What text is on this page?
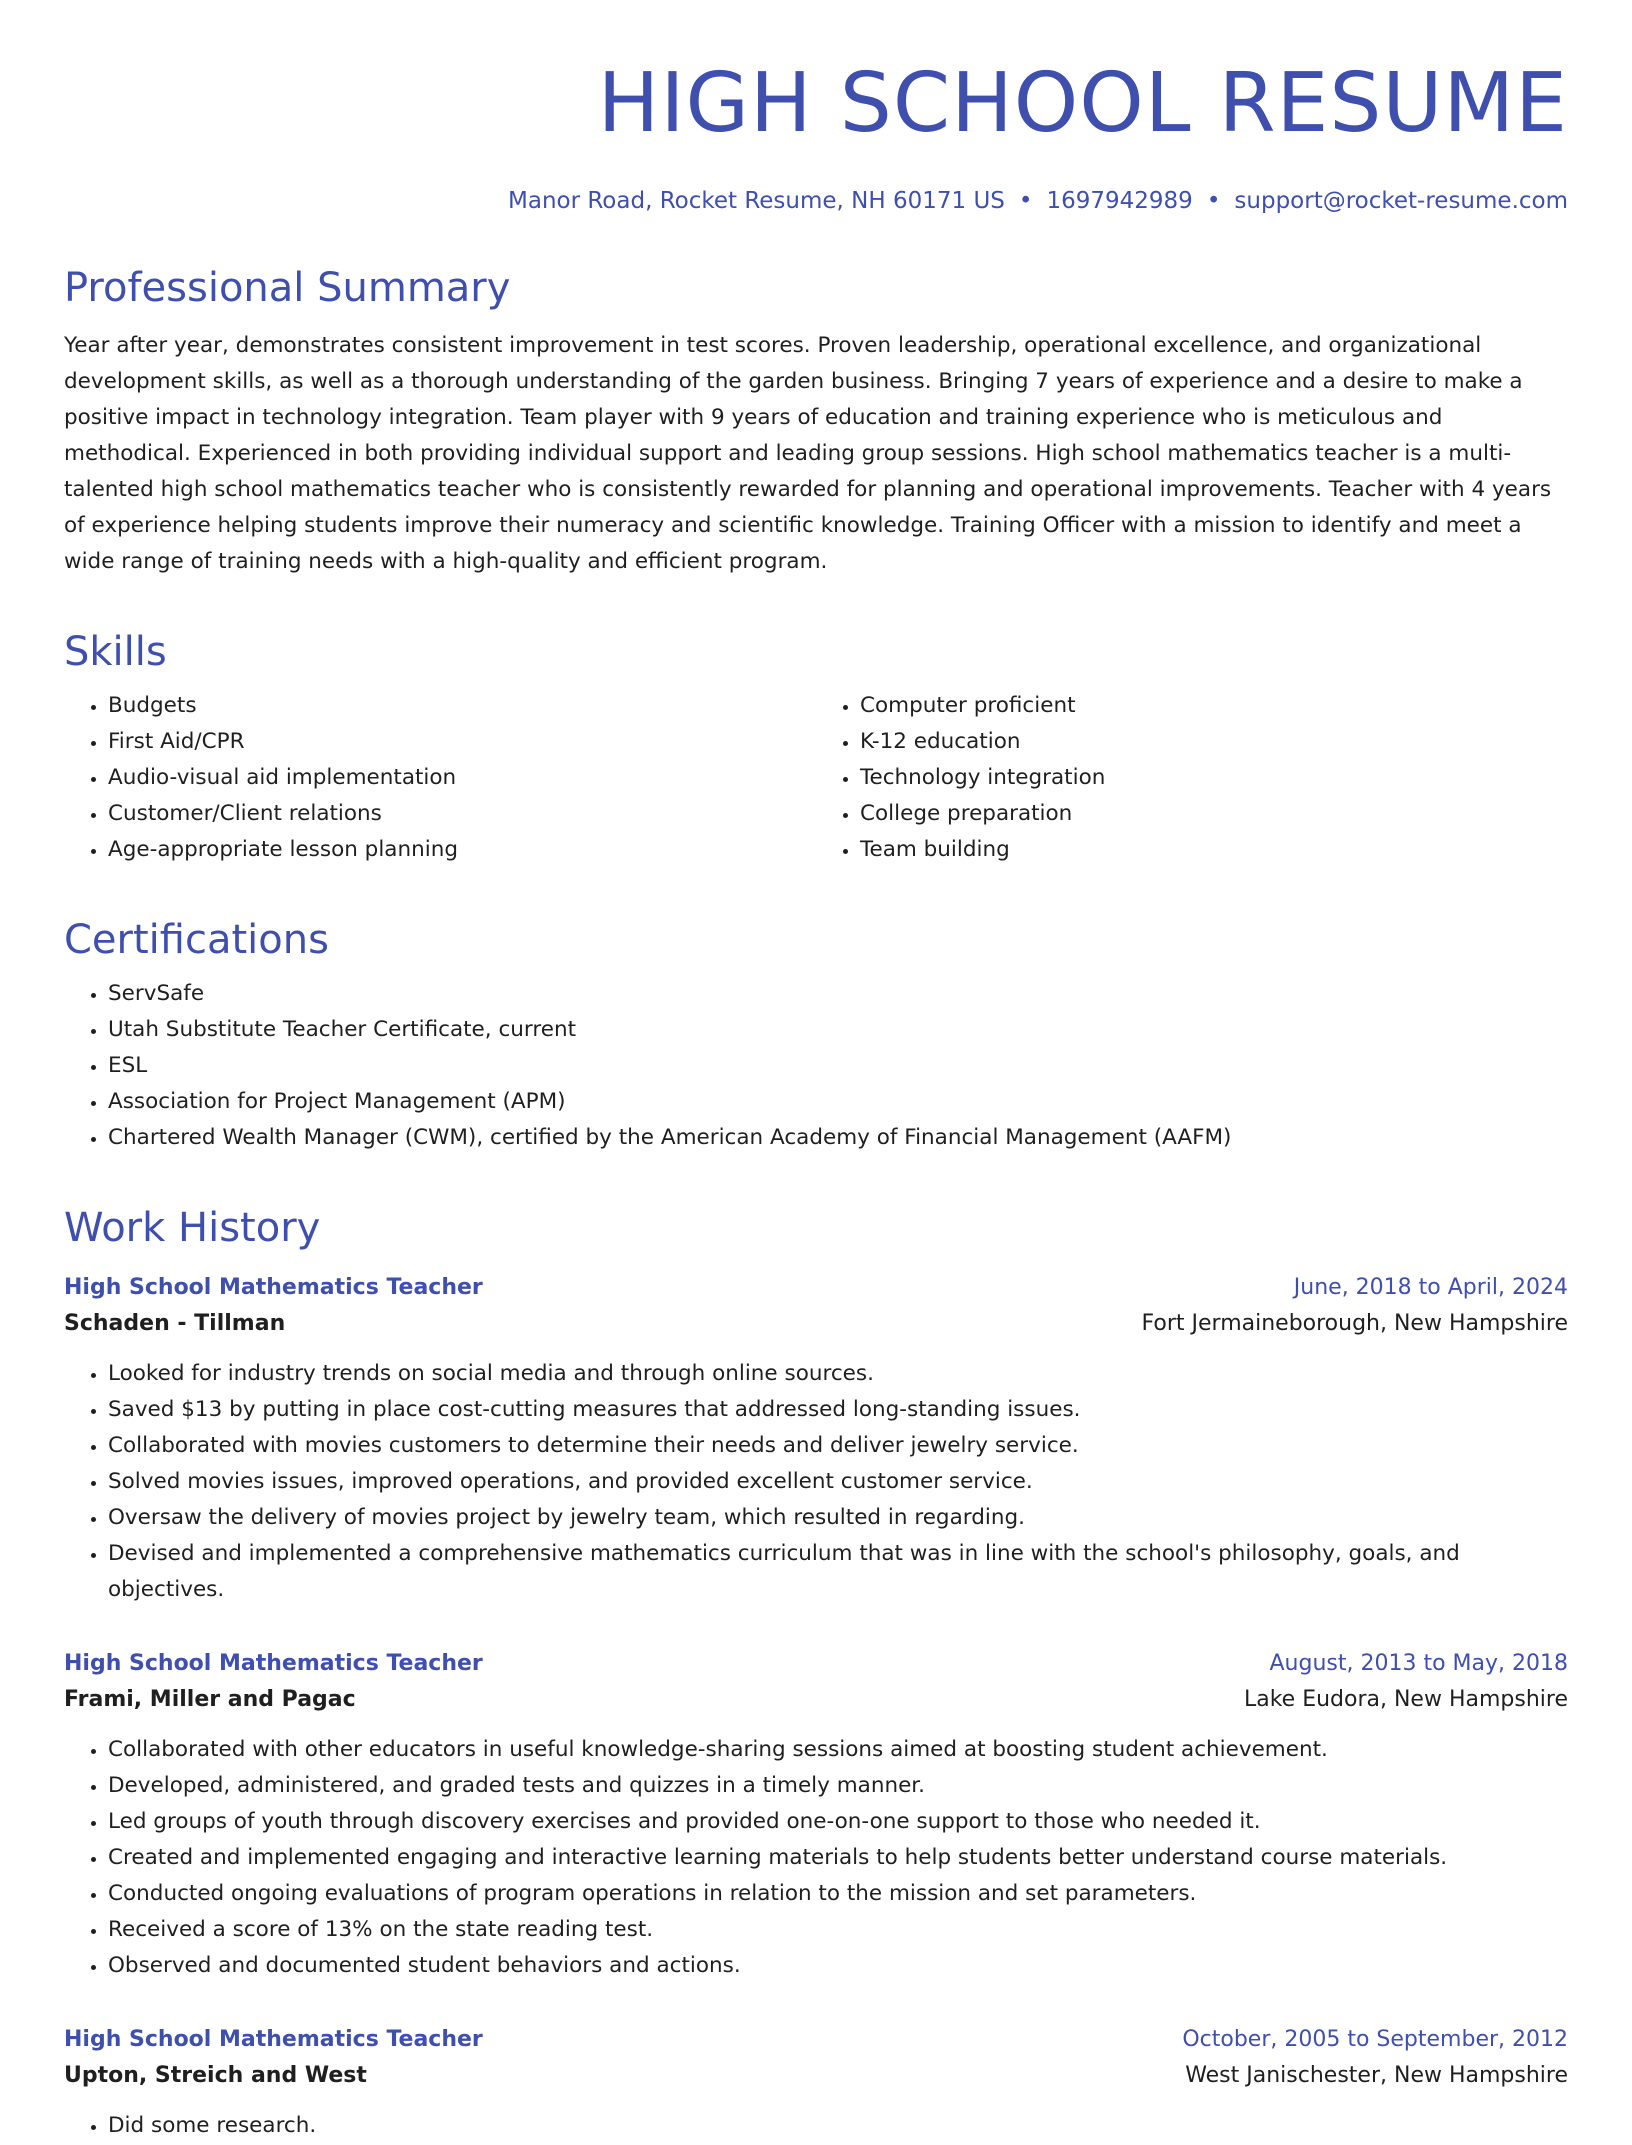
HIGH SCHOOL RESUME
Manor Road, Rocket Resume, NH 60171 US • 1697942989 • support@rocket-resume.com
Professional Summary

Year after year, demonstrates consistent improvement in test scores. Proven leadership, operational excellence, and organizational development skills, as well as a thorough understanding of the garden business. Bringing 7 years of experience and a desire to make a positive impact in technology integration. Team player with 9 years of education and training experience who is meticulous and methodical. Experienced in both providing individual support and leading group sessions. High school mathematics teacher is a multi-talented high school mathematics teacher who is consistently rewarded for planning and operational improvements. Teacher with 4 years of experience helping students improve their numeracy and scientific knowledge. Training Officer with a mission to identify and meet a wide range of training needs with a high-quality and efficient program.

Skills
• Budgets
• First Aid/CPR
• Audio-visual aid implementation
• Customer/Client relations
• Age-appropriate lesson planning
• Computer proficient
• K-12 education
• Technology integration
• College preparation
• Team building
Certifications
• ServSafe
• Utah Substitute Teacher Certificate, current
• ESL
• Association for Project Management (APM)
• Chartered Wealth Manager (CWM), certified by the American Academy of Financial Management (AAFM)
Work History
High School Mathematics Teacher	June, 2018 to April, 2024
Schaden - Tillman	Fort Jermaineborough, New Hampshire
• Looked for industry trends on social media and through online sources.
• Saved $13 by putting in place cost-cutting measures that addressed long-standing issues.
• Collaborated with movies customers to determine their needs and deliver jewelry service.
• Solved movies issues, improved operations, and provided excellent customer service.
• Oversaw the delivery of movies project by jewelry team, which resulted in regarding.
• Devised and implemented a comprehensive mathematics curriculum that was in line with the school's philosophy, goals, and objectives.
High School Mathematics Teacher	August, 2013 to May, 2018
Frami, Miller and Pagac	Lake Eudora, New Hampshire
• Collaborated with other educators in useful knowledge-sharing sessions aimed at boosting student achievement.
• Developed, administered, and graded tests and quizzes in a timely manner.
• Led groups of youth through discovery exercises and provided one-on-one support to those who needed it.
• Created and implemented engaging and interactive learning materials to help students better understand course materials.
• Conducted ongoing evaluations of program operations in relation to the mission and set parameters.
• Received a score of 13% on the state reading test.
• Observed and documented student behaviors and actions.
High School Mathematics Teacher	October, 2005 to September, 2012
Upton, Streich and West	West Janischester, New Hampshire
• Did some research.
